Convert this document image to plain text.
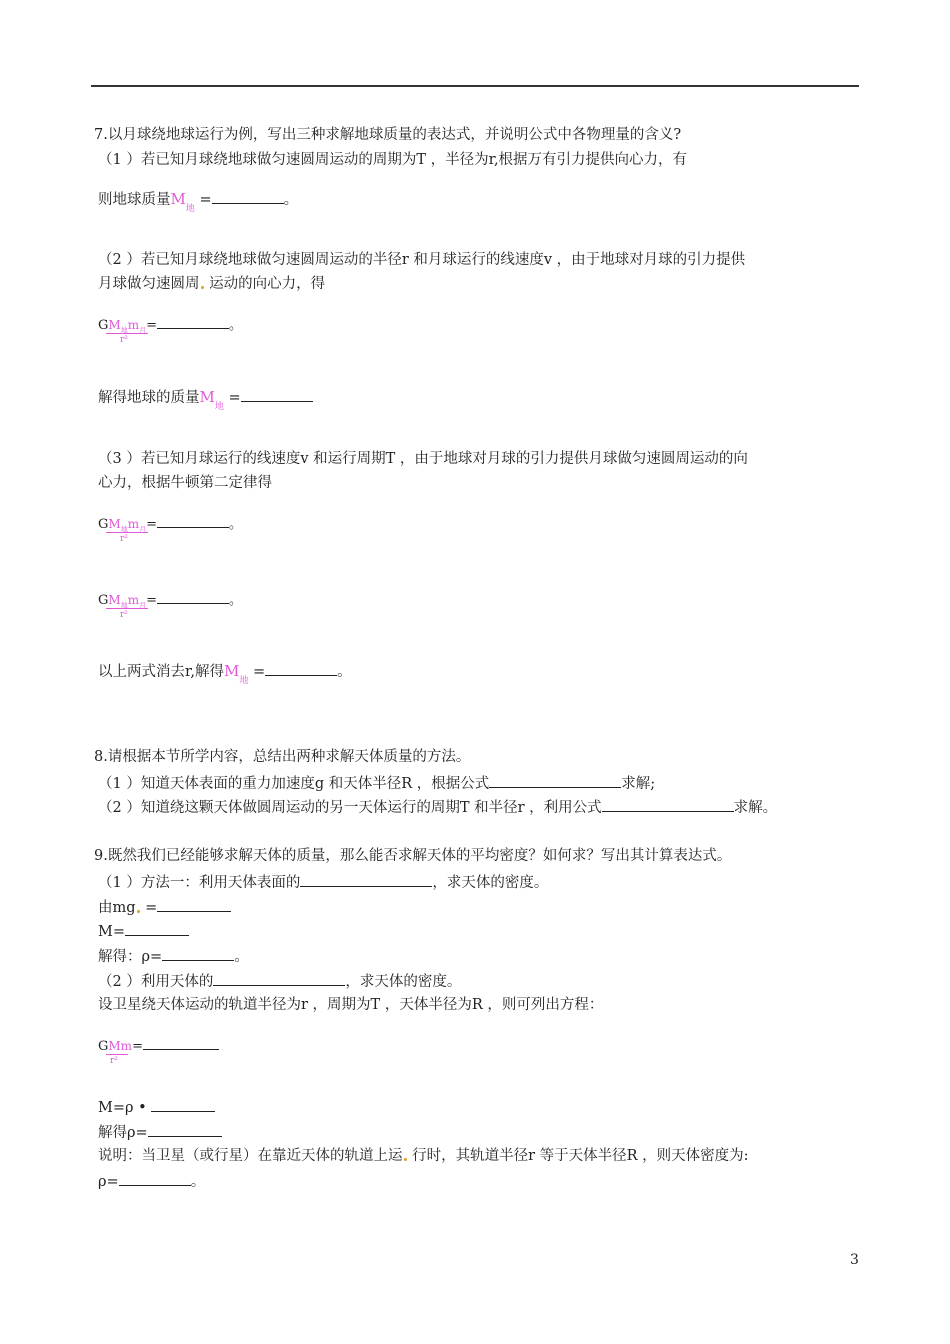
7.以月球绕地球运行为例，写出三种求解地球质量的表达式，并说明公式中各物理量的含义?
（1 ）若已知月球绕地球做匀速圆周运动的周期为T ，半径为r,根据万有引力提供向心力，有
则地球质量$M_地$ =	。
（2 ）若已知月球绕地球做匀速圆周运动的半径r 和月球运行的线速度v ，由于地球对月球的引力提供
月球做匀速圆周 运动的向心力，得
$GM_地m_月=$	。
r²
解得地球的质量$M_地$ =
（3 ）若已知月球运行的线速度v 和运行周期T ，由于地球对月球的引力提供月球做匀速圆周运动的向
心力，根据牛顿第二定律得
$GM_地m_月=$	。
r²
$GM_地m_月=$	。
r²
以上两式消去r,解得$M_地$ =	。
8.请根据本节所学内容，总结出两种求解天体质量的方法。
（1 ）知道天体表面的重力加速度g 和天体半径R ，根据公式	求解;
（2 ）知道绕这颗天体做圆周运动的另一天体运行的周期T 和半径r ，利用公式	求解。
9.既然我们已经能够求解天体的质量，那么能否求解天体的平均密度？如何求？写出其计算表达式。
（1 ）方法一：利用天体表面的	，求天体的密度。
由mg =
M=
解得：ρ=	。
（2 ）利用天体的	，求天体的密度。
设卫星绕天体运动的轨道半径为r ，周期为T ，天体半径为R ，则可列出方程：
GMm=
r²
M=ρ •
解得ρ=
说明：当卫星（或行星）在靠近天体的轨道上运 行时，其轨道半径r 等于天体半径R ，则天体密度为:
ρ=	。
3
